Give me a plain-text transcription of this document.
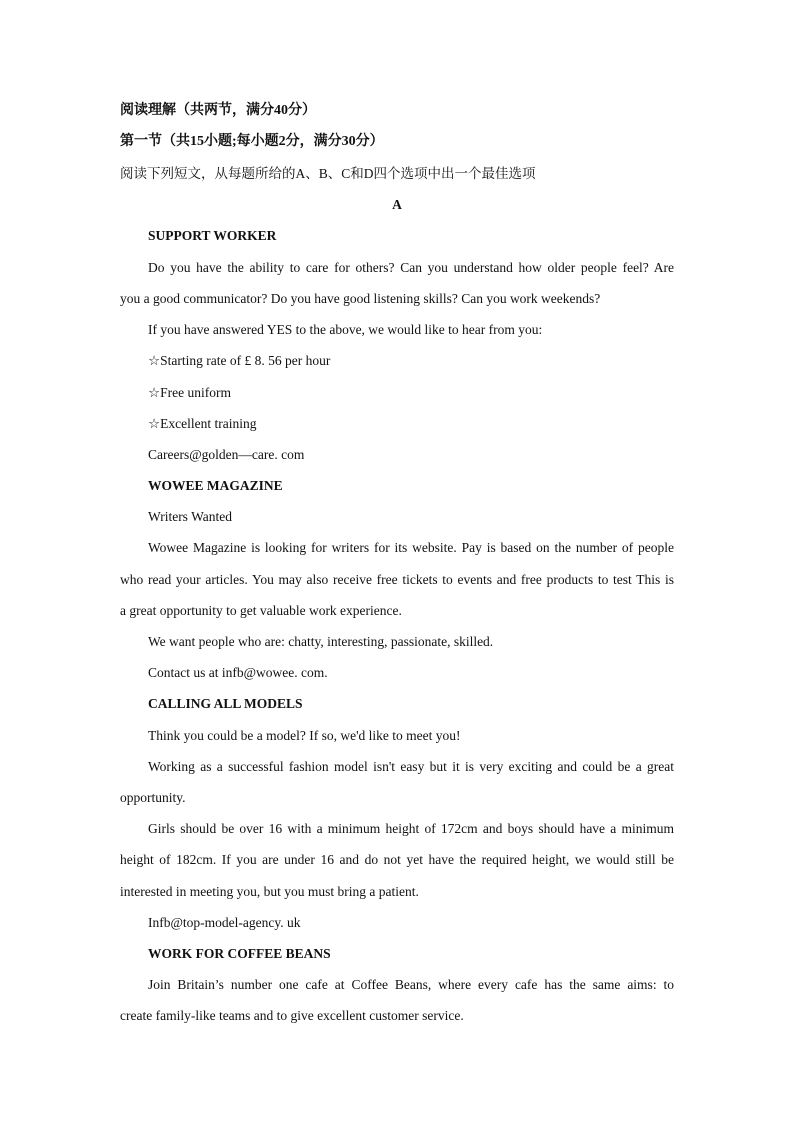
阅读理解（共两节，满分40分）
第一节（共15小题;每小题2分，满分30分）
阅读下列短文，从每题所给的A、B、C和D四个选项中出一个最佳选项
A
SUPPORT WORKER
Do you have the ability to care for others? Can you understand how older people feel? Are
you a good communicator? Do you have good listening skills? Can you work weekends?
If you have answered YES to the above, we would like to hear from you:
☆Starting rate of £ 8. 56 per hour
☆Free uniform
☆Excellent training
Careers@golden—care. com
WOWEE MAGAZINE
Writers Wanted
Wowee Magazine is looking for writers for its website. Pay is based on the number of people
who read your articles. You may also receive free tickets to events and free products to test This is
a great opportunity to get valuable work experience.
We want people who are: chatty, interesting, passionate, skilled.
Contact us at infb@wowee. com.
CALLING ALL MODELS
Think you could be a model? If so, we'd like to meet you!
Working as a successful fashion model isn't easy but it is very exciting and could be a great
opportunity.
Girls should be over 16 with a minimum height of 172cm and boys should have a minimum
height of 182cm. If you are under 16 and do not yet have the required height, we would still be
interested in meeting you, but you must bring a patient.
Infb@top-model-agency. uk
WORK FOR COFFEE BEANS
Join Britain’s number one cafe at Coffee Beans, where every cafe has the same aims: to
create family-like teams and to give excellent customer service.
